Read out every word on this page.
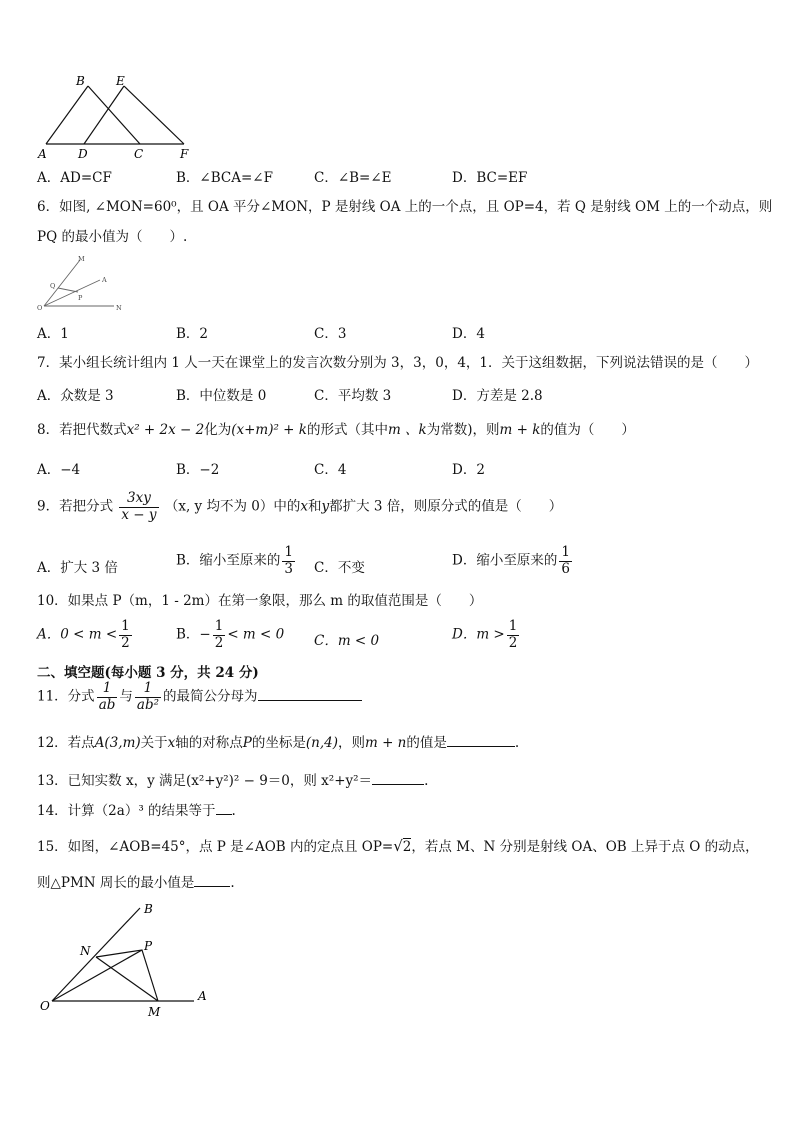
B	E
A	D	C	F
A．AD=CF	B．∠BCA=∠F	C．∠B=∠E	D．BC=EF
6．如图, ∠MON=60⁰，且 OA 平分∠MON，P 是射线 OA 上的一个点，且 OP=4，若 Q 是射线 OM 上的一个动点，则
PQ 的最小值为（　　）.
M
A
Q
P
O	N
A．1	B．2	C．3	D．4
7．某小组长统计组内 1 人一天在课堂上的发言次数分别为 3，3，0，4，1．关于这组数据，下列说法错误的是（　　）
A．众数是 3	B．中位数是 0	C．平均数 3	D．方差是 2.8
8．若把代数式x² + 2x − 2化为(x+m)² + k的形式（其中m 、k为常数)，则m + k的值为（　　）
A．−4	B．−2	C．4	D．2
9．若把分式 $\frac{3xy}{x - y} (x$, y 均不为 0）中的x和y都扩大 3 倍，则原分式的值是（　　）
A．扩大 3 倍	B．缩小至原来的 $\frac{1}{3}$ C．不变	D．缩小至原来的 $\frac{1}{6}$
10．如果点 P（m，1 - 2m）在第一象限，那么 m 的取值范围是（　　）
A．$0 < m < \frac{1}{2}$	B．− $\frac{1}{2} < m < 0$ C．m < 0	D．$m > \frac{1}{2}$
二、填空题(每小题 3 分，共 24 分)
11．分式 $\frac{1}{ab}$ 与 $\frac{1}{\text{ab²}}$ 的最简公分母为
12．若点A(3,m)关于x轴的对称点P的坐标是(n,4)，则m + n的值是	.
13．已知实数 x，y 满足(x²+y²)² − 9＝0，则 x²+y²＝	.
14．计算（2a）³ 的结果等于 .
15．如图，∠AOB=45°，点 P 是∠AOB 内的定点且 OP=√2，若点 M、N 分别是射线 OA、OB 上异于点 O 的动点，
则△PMN 周长的最小值是	.
B
N	P
O	M
A
